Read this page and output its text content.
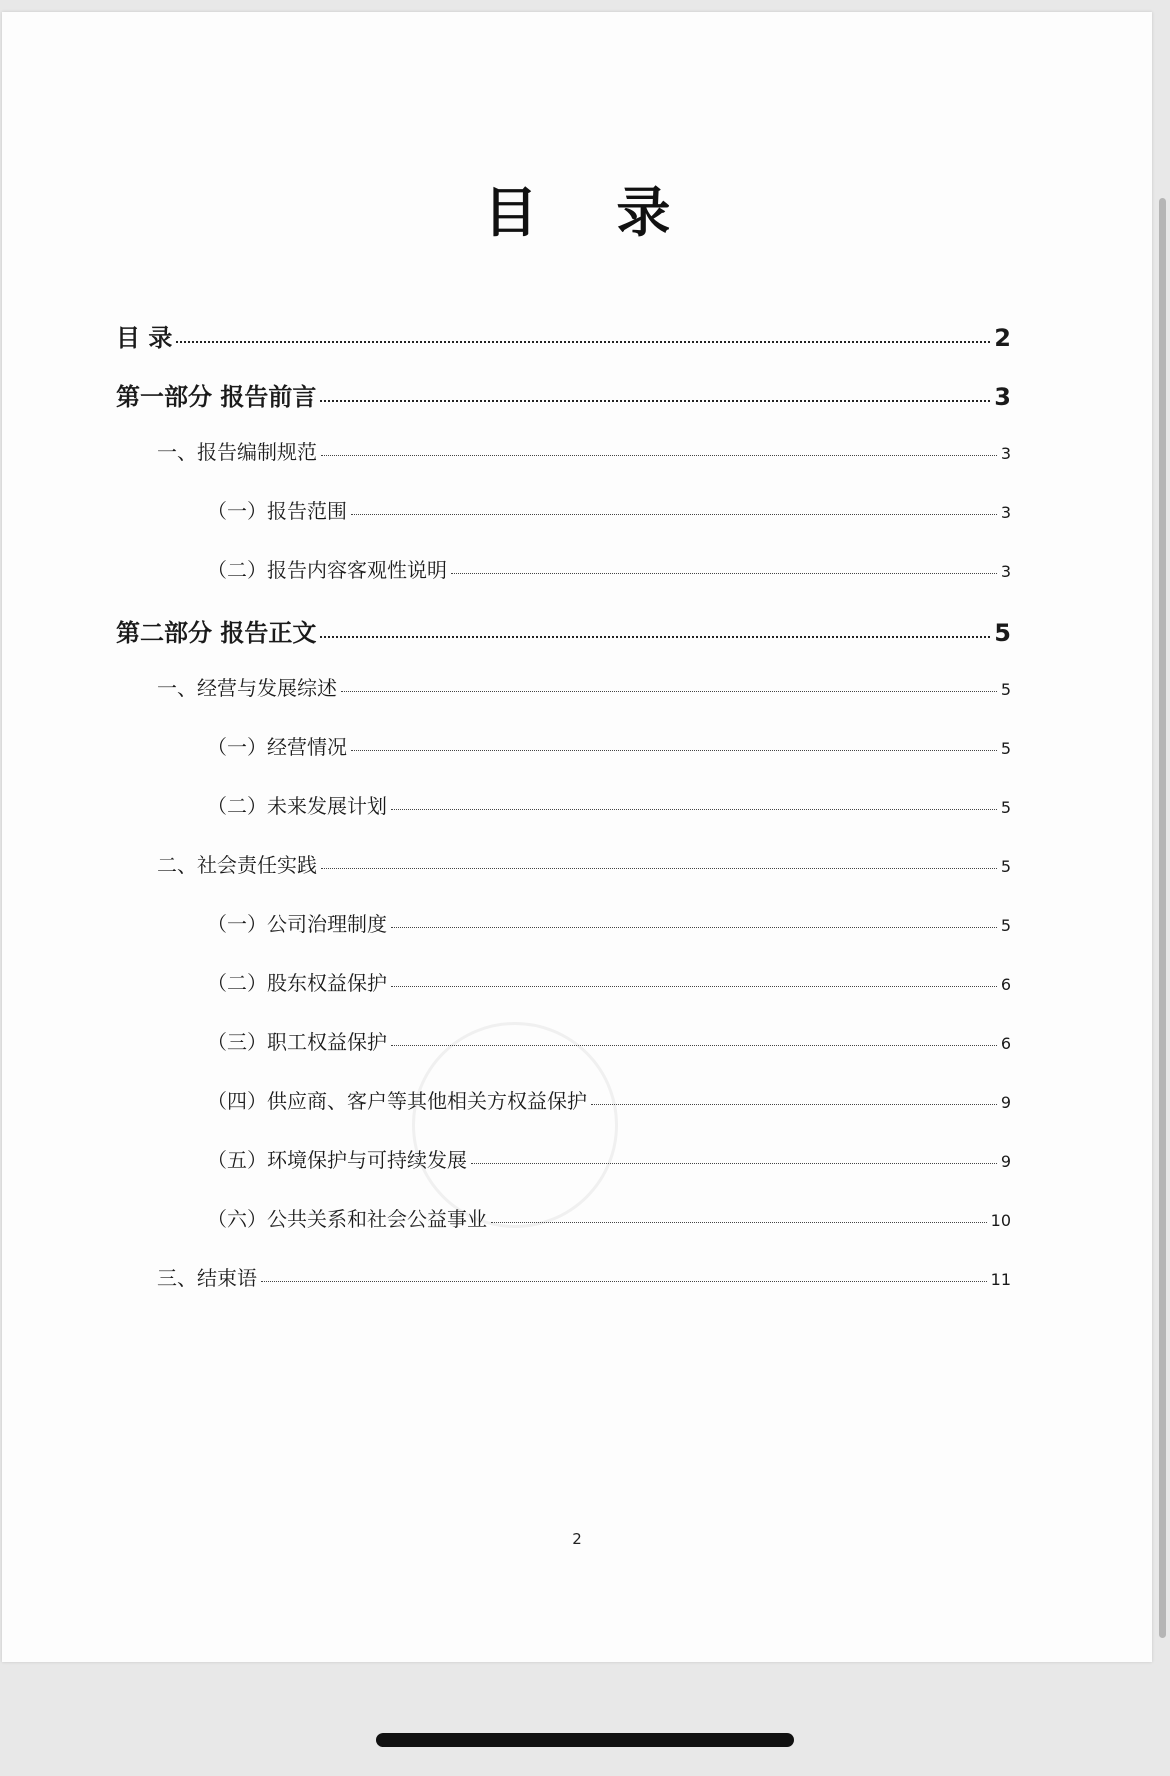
目 录
目 录	2
第一部分 报告前言	3
一、报告编制规范	3
（一）报告范围	3
（二）报告内容客观性说明	3
第二部分 报告正文	5
一、经营与发展综述	5
（一）经营情况	5
（二）未来发展计划	5
二、社会责任实践	5
（一）公司治理制度	5
（二）股东权益保护	6
（三）职工权益保护	6
（四）供应商、客户等其他相关方权益保护	9
（五）环境保护与可持续发展	9
（六）公共关系和社会公益事业	10
三、结束语	11
2
